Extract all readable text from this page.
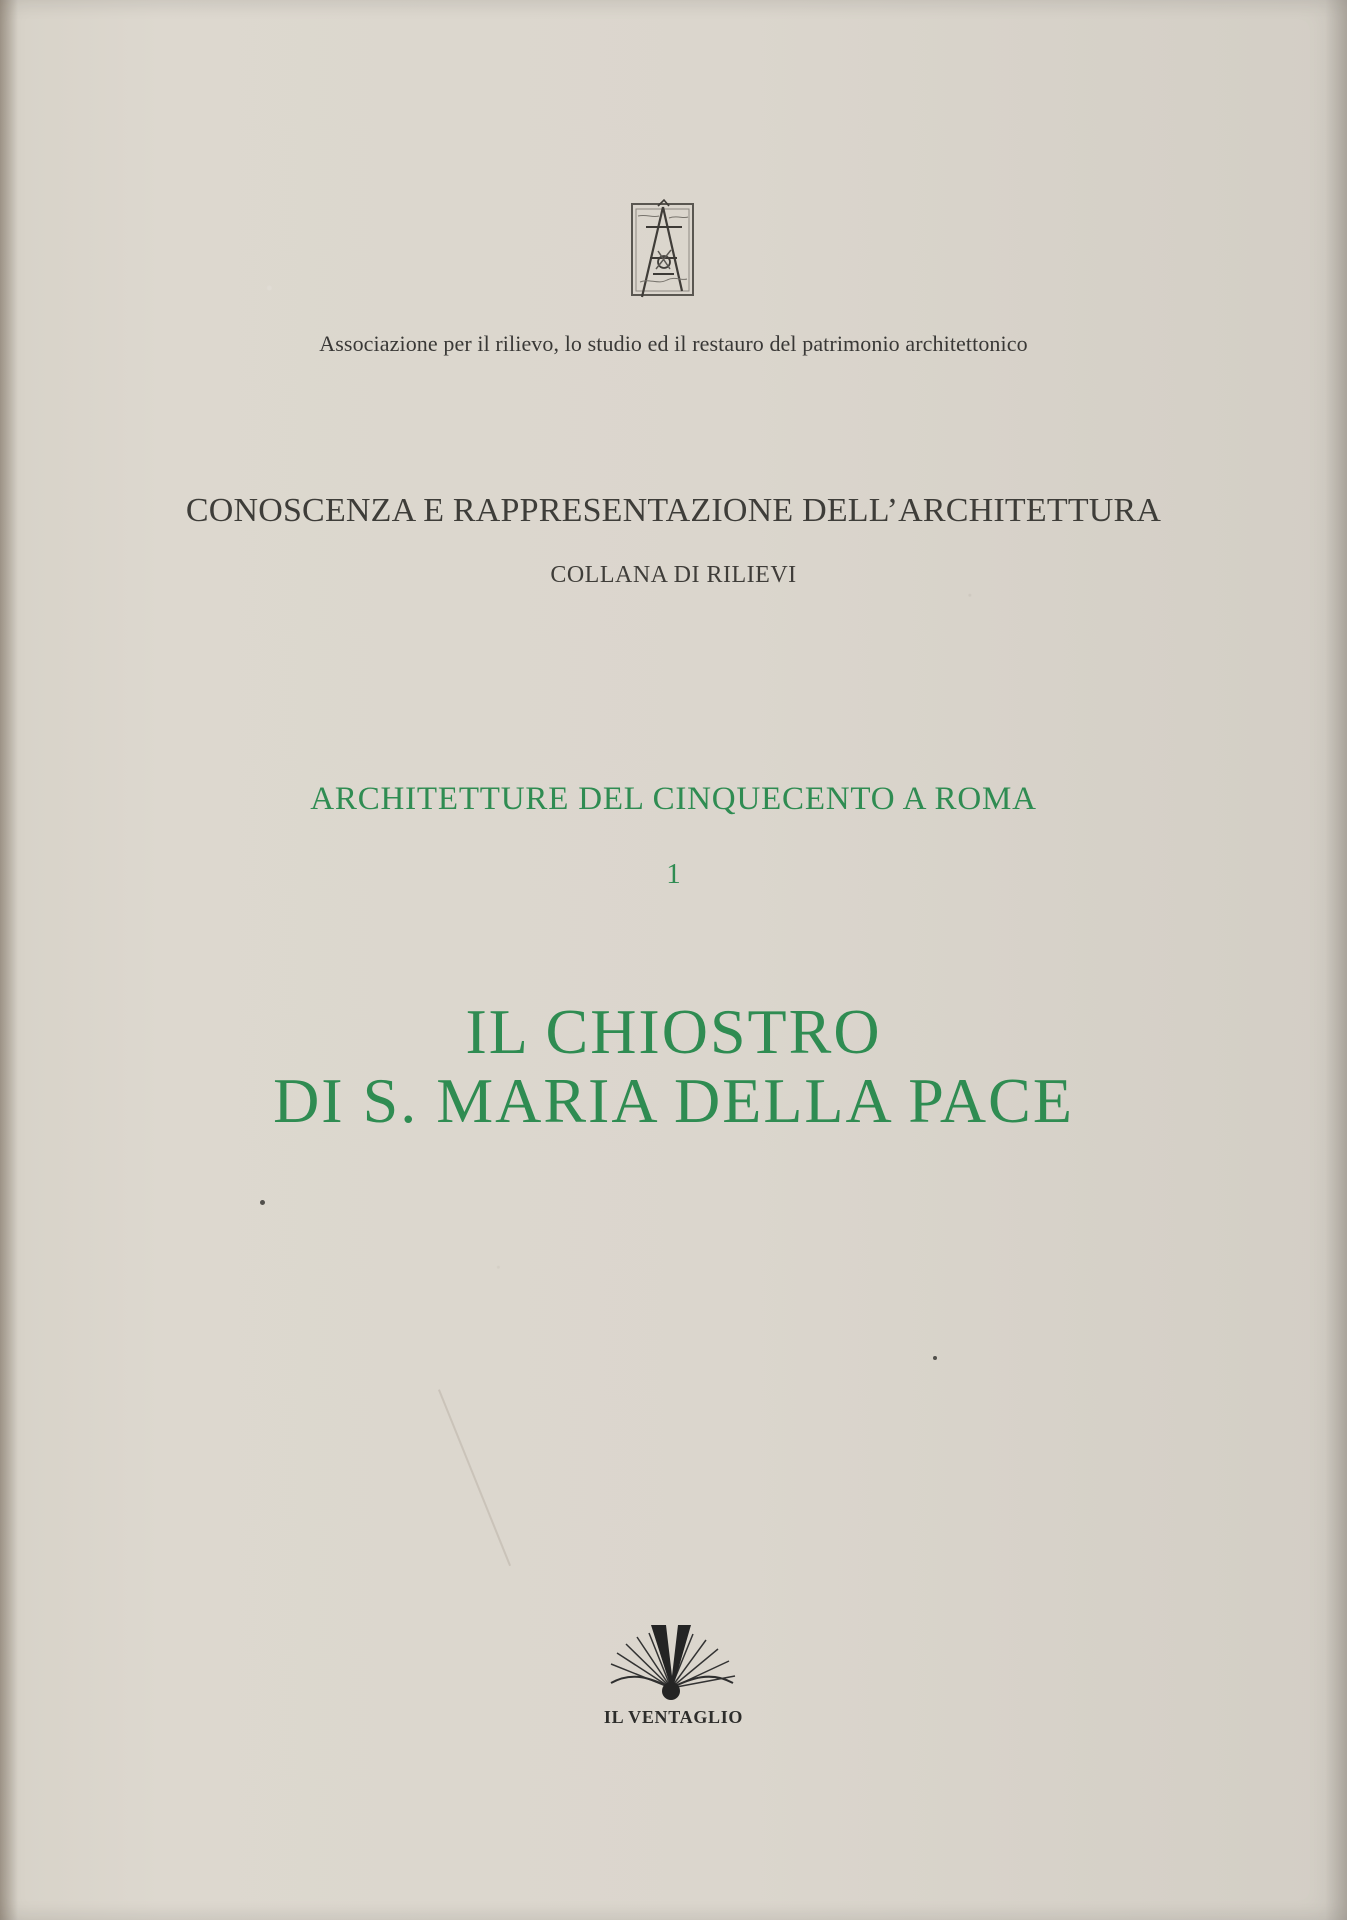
Associazione per il rilievo, lo studio ed il restauro del patrimonio architettonico
CONOSCENZA E RAPPRESENTAZIONE DELL’ARCHITETTURA
COLLANA DI RILIEVI
ARCHITETTURE DEL CINQUECENTO A ROMA
1
IL CHIOSTRO
DI S. MARIA DELLA PACE
IL VENTAGLIO
